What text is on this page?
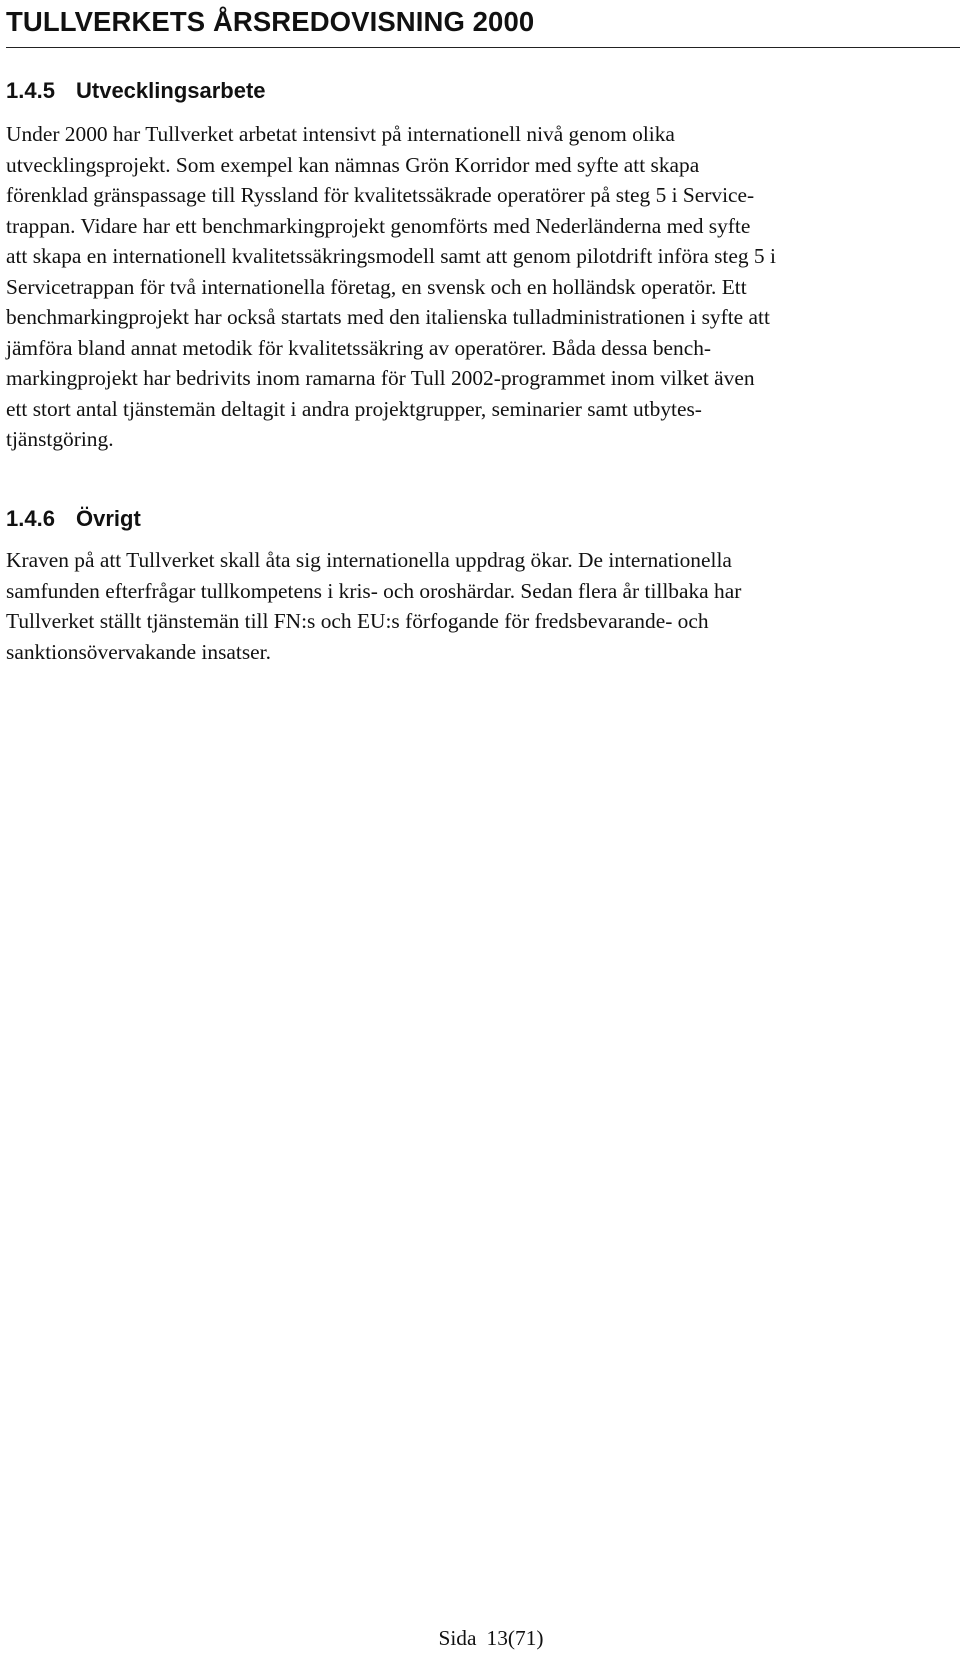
TULLVERKETS ÅRSREDOVISNING 2000
1.4.5 Utvecklingsarbete
Under 2000 har Tullverket arbetat intensivt på internationell nivå genom olika
utvecklingsprojekt. Som exempel kan nämnas Grön Korridor med syfte att skapa
förenklad gränspassage till Ryssland för kvalitetssäkrade operatörer på steg 5 i Service-
trappan. Vidare har ett benchmarkingprojekt genomförts med Nederländerna med syfte
att skapa en internationell kvalitetssäkringsmodell samt att genom pilotdrift införa steg 5 i
Servicetrappan för två internationella företag, en svensk och en holländsk operatör. Ett
benchmarkingprojekt har också startats med den italienska tulladministrationen i syfte att
jämföra bland annat metodik för kvalitetssäkring av operatörer. Båda dessa bench-
markingprojekt har bedrivits inom ramarna för Tull 2002-programmet inom vilket även
ett stort antal tjänstemän deltagit i andra projektgrupper, seminarier samt utbytes-
tjänstgöring.
1.4.6 Övrigt
Kraven på att Tullverket skall åta sig internationella uppdrag ökar. De internationella
samfunden efterfrågar tullkompetens i kris- och oroshärdar. Sedan flera år tillbaka har
Tullverket ställt tjänstemän till FN:s och EU:s förfogande för fredsbevarande- och
sanktionsövervakande insatser.
Sida 13(71)
